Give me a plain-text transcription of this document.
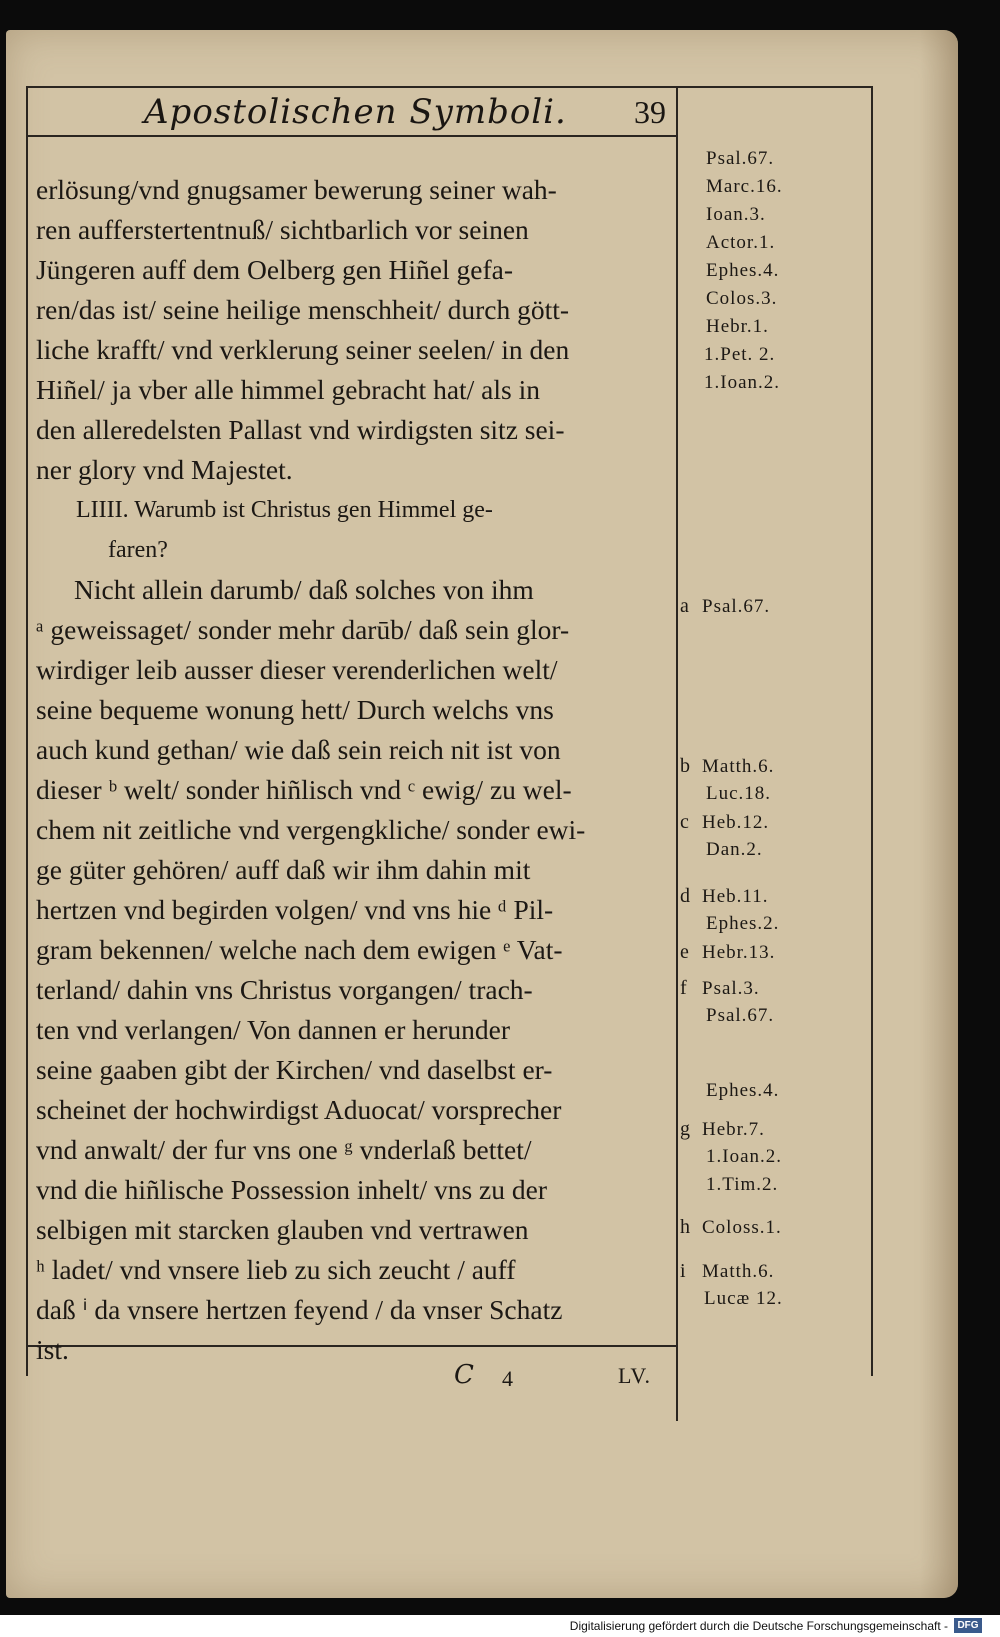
Apostolischen Symboli. 39
erlösung/vnd gnugsamer bewerung seiner wah-
ren aufferstertentnuß/ sichtbarlich vor seinen
Jüngeren auff dem Oelberg gen Hiñel gefa-
ren/das ist/ seine heilige menschheit/ durch gött-
liche krafft/ vnd verklerung seiner seelen/ in den
Hiñel/ ja vber alle himmel gebracht hat/ als in
den alleredelsten Pallast vnd wirdigsten sitz sei-
ner glory vnd Majestet.
LIIII. Warumb ist Christus gen Himmel ge-
faren?
Nicht allein darumb/ daß solches von ihm
ᵃ geweissaget/ sonder mehr darūb/ daß sein glor-
wirdiger leib ausser dieser verenderlichen welt/
seine bequeme wonung hett/ Durch welchs vns
auch kund gethan/ wie daß sein reich nit ist von
dieser ᵇ welt/ sonder hiñlisch vnd ᶜ ewig/ zu wel-
chem nit zeitliche vnd vergengkliche/ sonder ewi-
ge güter gehören/ auff daß wir ihm dahin mit
hertzen vnd begirden volgen/ vnd vns hie ᵈ Pil-
gram bekennen/ welche nach dem ewigen ᵉ Vat-
terland/ dahin vns Christus vorgangen/ trach-
ten vnd verlangen/ Von dannen er herunder
seine gaaben gibt der Kirchen/ vnd daselbst er-
scheinet der hochwirdigst Aduocat/ vorsprecher
vnd anwalt/ der fur vns one ᵍ vnderlaß bettet/
vnd die hiñlische Possession inhelt/ vns zu der
selbigen mit starcken glauben vnd vertrawen
ʰ ladet/ vnd vnsere lieb zu sich zeucht / auff
daß ⁱ da vnsere hertzen feyend / da vnser Schatz
ist.
Psal.67.
Marc.16.
Ioan.3.
Actor.1.
Ephes.4.
Colos.3.
Hebr.1.
1.Pet. 2.
1.Ioan.2.
a Psal.67.
b Matth.6.
Luc.18.
c Heb.12.
Dan.2.
d Heb.11.
Ephes.2.
e Hebr.13.
f Psal.3.
Psal.67.
Ephes.4.
g Hebr.7.
1.Ioan.2.
1.Tim.2.
h Coloss.1.
i Matth.6.
Lucæ 12.
C 4	LV.
Digitalisierung gefördert durch die Deutsche Forschungsgemeinschaft - DFG
